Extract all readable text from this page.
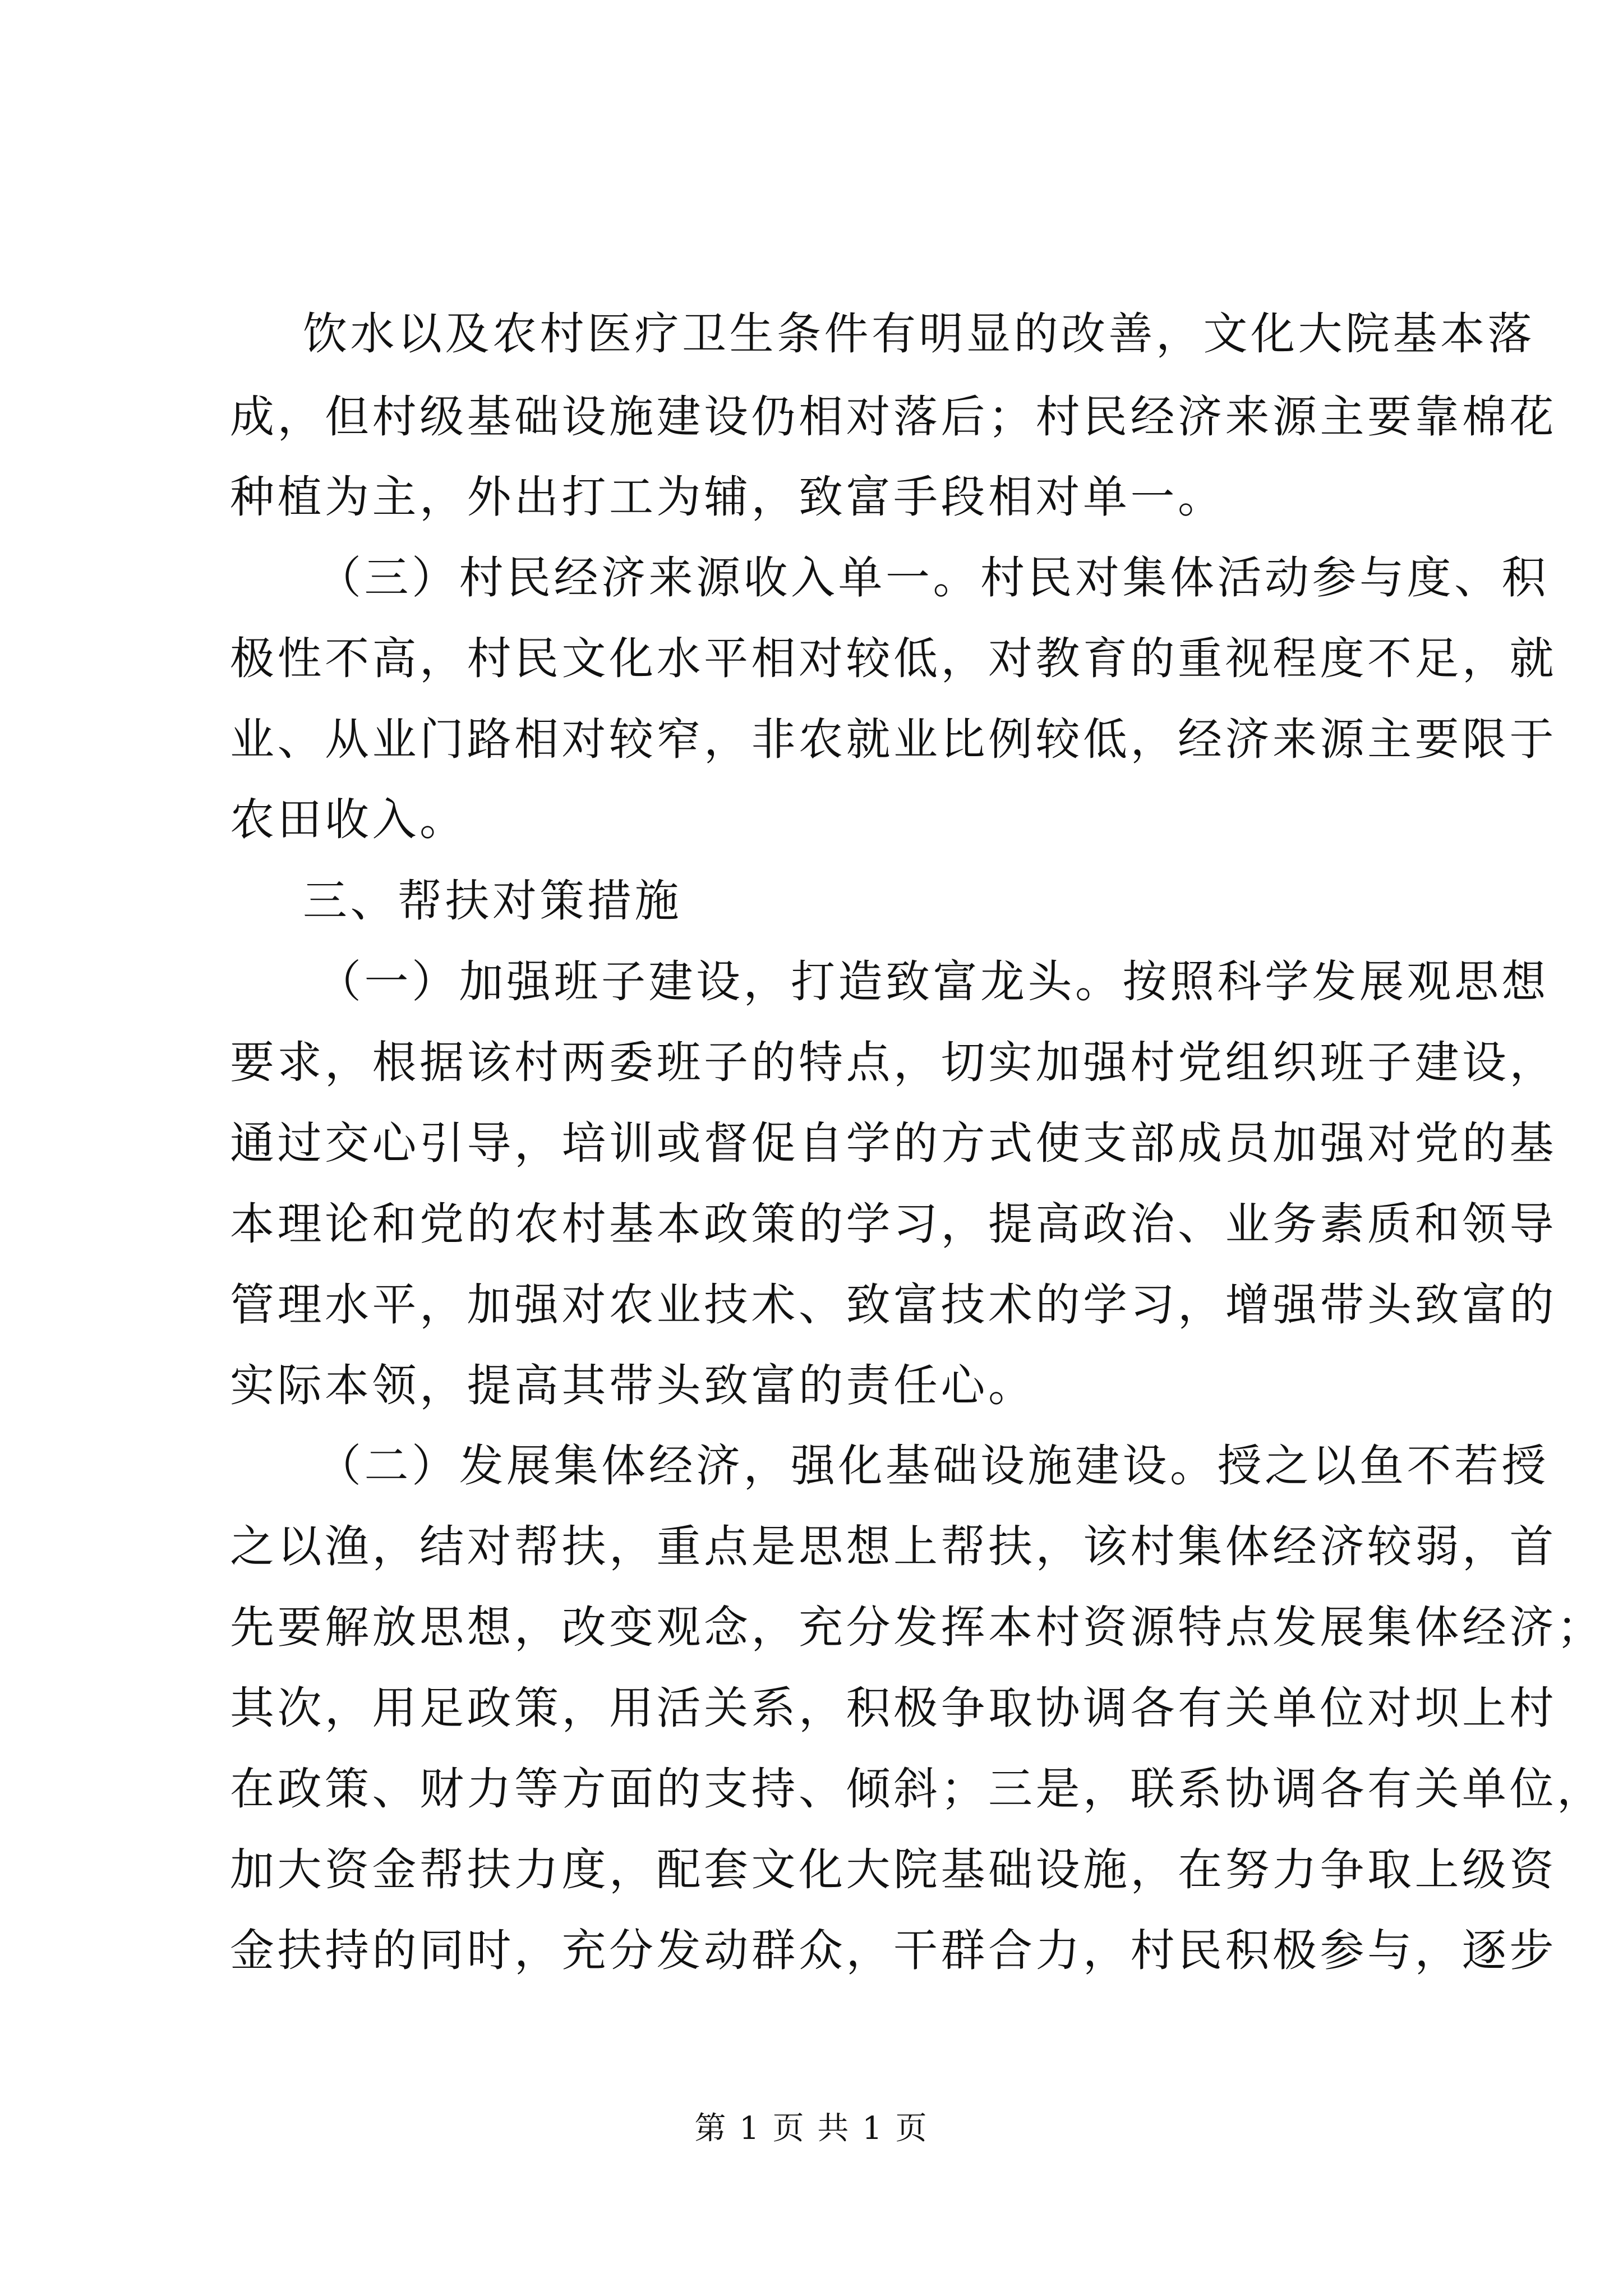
饮水以及农村医疗卫生条件有明显的改善，文化大院基本落
成，但村级基础设施建设仍相对落后；村民经济来源主要靠棉花
种植为主，外出打工为辅，致富手段相对单一。
（三）村民经济来源收入单一。村民对集体活动参与度、积
极性不高，村民文化水平相对较低，对教育的重视程度不足，就
业、从业门路相对较窄，非农就业比例较低，经济来源主要限于
农田收入。
三、帮扶对策措施
（一）加强班子建设，打造致富龙头。按照科学发展观思想
要求，根据该村两委班子的特点，切实加强村党组织班子建设，
通过交心引导，培训或督促自学的方式使支部成员加强对党的基
本理论和党的农村基本政策的学习，提高政治、业务素质和领导
管理水平，加强对农业技术、致富技术的学习，增强带头致富的
实际本领，提高其带头致富的责任心。
（二）发展集体经济，强化基础设施建设。授之以鱼不若授
之以渔，结对帮扶，重点是思想上帮扶，该村集体经济较弱，首
先要解放思想，改变观念，充分发挥本村资源特点发展集体经济；
其次，用足政策，用活关系，积极争取协调各有关单位对坝上村
在政策、财力等方面的支持、倾斜；三是，联系协调各有关单位，
加大资金帮扶力度，配套文化大院基础设施，在努力争取上级资
金扶持的同时，充分发动群众，干群合力，村民积极参与，逐步
第 1 页 共 1 页
